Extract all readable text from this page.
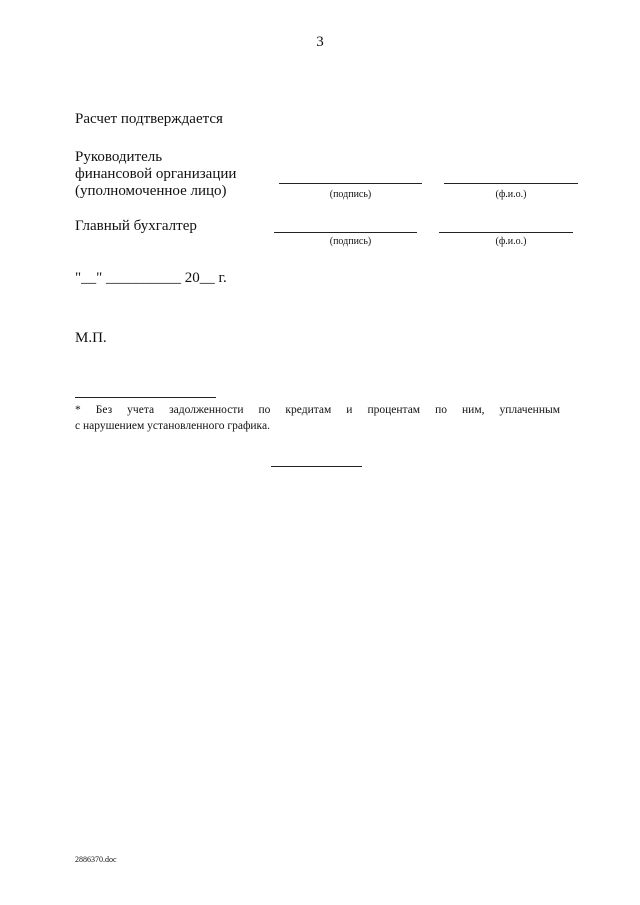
3
Расчет подтверждается
Руководитель
финансовой организации
(уполномоченное лицо)	(подпись)	(ф.и.о.)
Главный бухгалтер
(подпись)	(ф.и.о.)
"__" __________ 20__ г.
М.П.
* Без учета задолженности по кредитам и процентам по ним, уплаченным
с нарушением установленного графика.
2886370.doc
